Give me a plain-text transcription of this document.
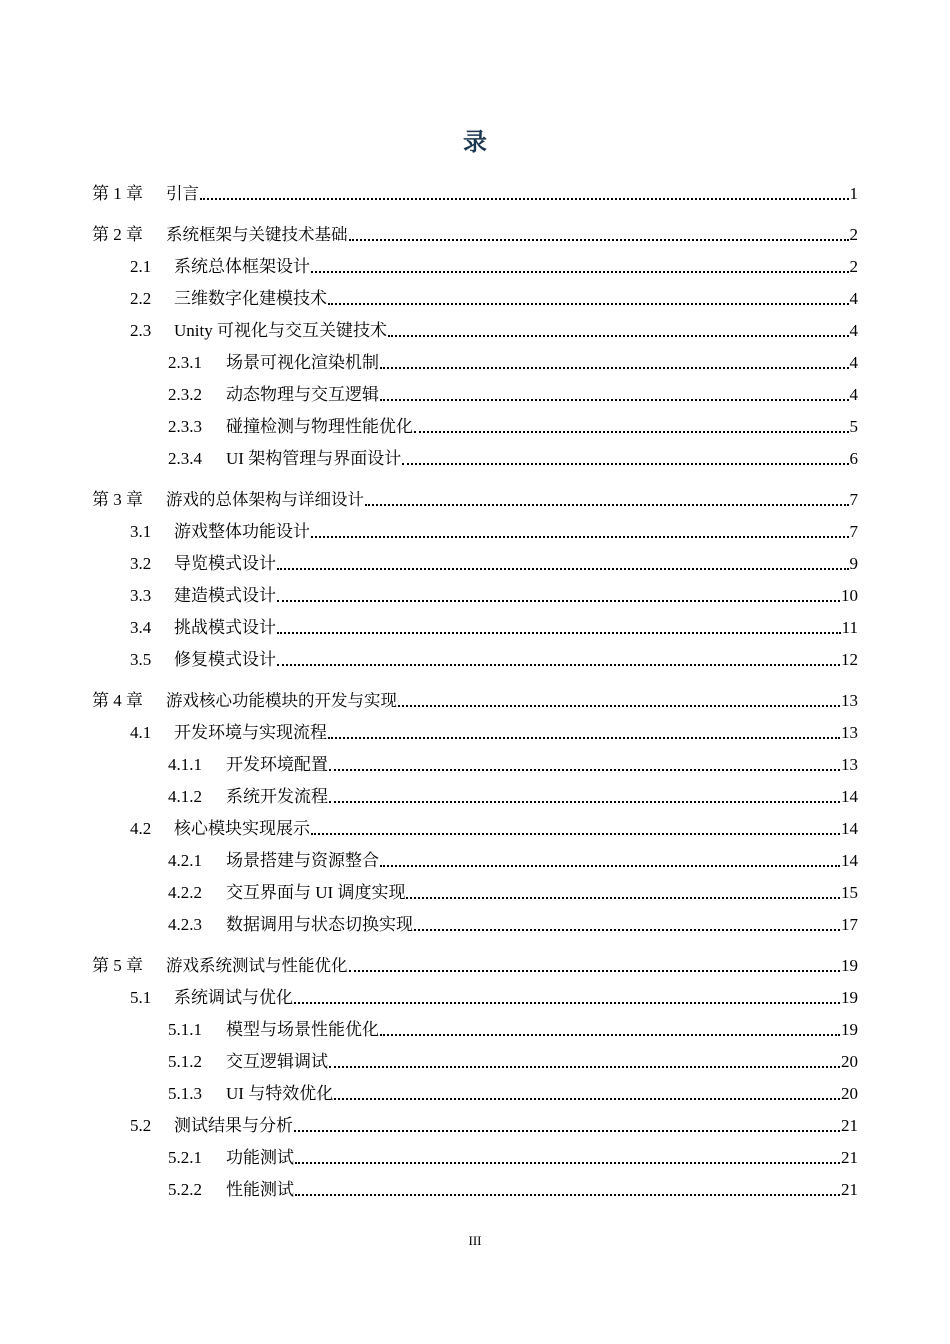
录
第 1 章	引言	1
第 2 章	系统框架与关键技术基础	2
2.1	系统总体框架设计	2
2.2	三维数字化建模技术	4
2.3	Unity 可视化与交互关键技术	4
2.3.1	场景可视化渲染机制	4
2.3.2	动态物理与交互逻辑	4
2.3.3	碰撞检测与物理性能优化	5
2.3.4	UI 架构管理与界面设计	6
第 3 章	游戏的总体架构与详细设计	7
3.1	游戏整体功能设计	7
3.2	导览模式设计	9
3.3	建造模式设计	10
3.4	挑战模式设计	11
3.5	修复模式设计	12
第 4 章	游戏核心功能模块的开发与实现	13
4.1	开发环境与实现流程	13
4.1.1	开发环境配置	13
4.1.2	系统开发流程	14
4.2	核心模块实现展示	14
4.2.1	场景搭建与资源整合	14
4.2.2	交互界面与 UI 调度实现	15
4.2.3	数据调用与状态切换实现	17
第 5 章	游戏系统测试与性能优化	19
5.1	系统调试与优化	19
5.1.1	模型与场景性能优化	19
5.1.2	交互逻辑调试	20
5.1.3	UI 与特效优化	20
5.2	测试结果与分析	21
5.2.1	功能测试	21
5.2.2	性能测试	21
III
